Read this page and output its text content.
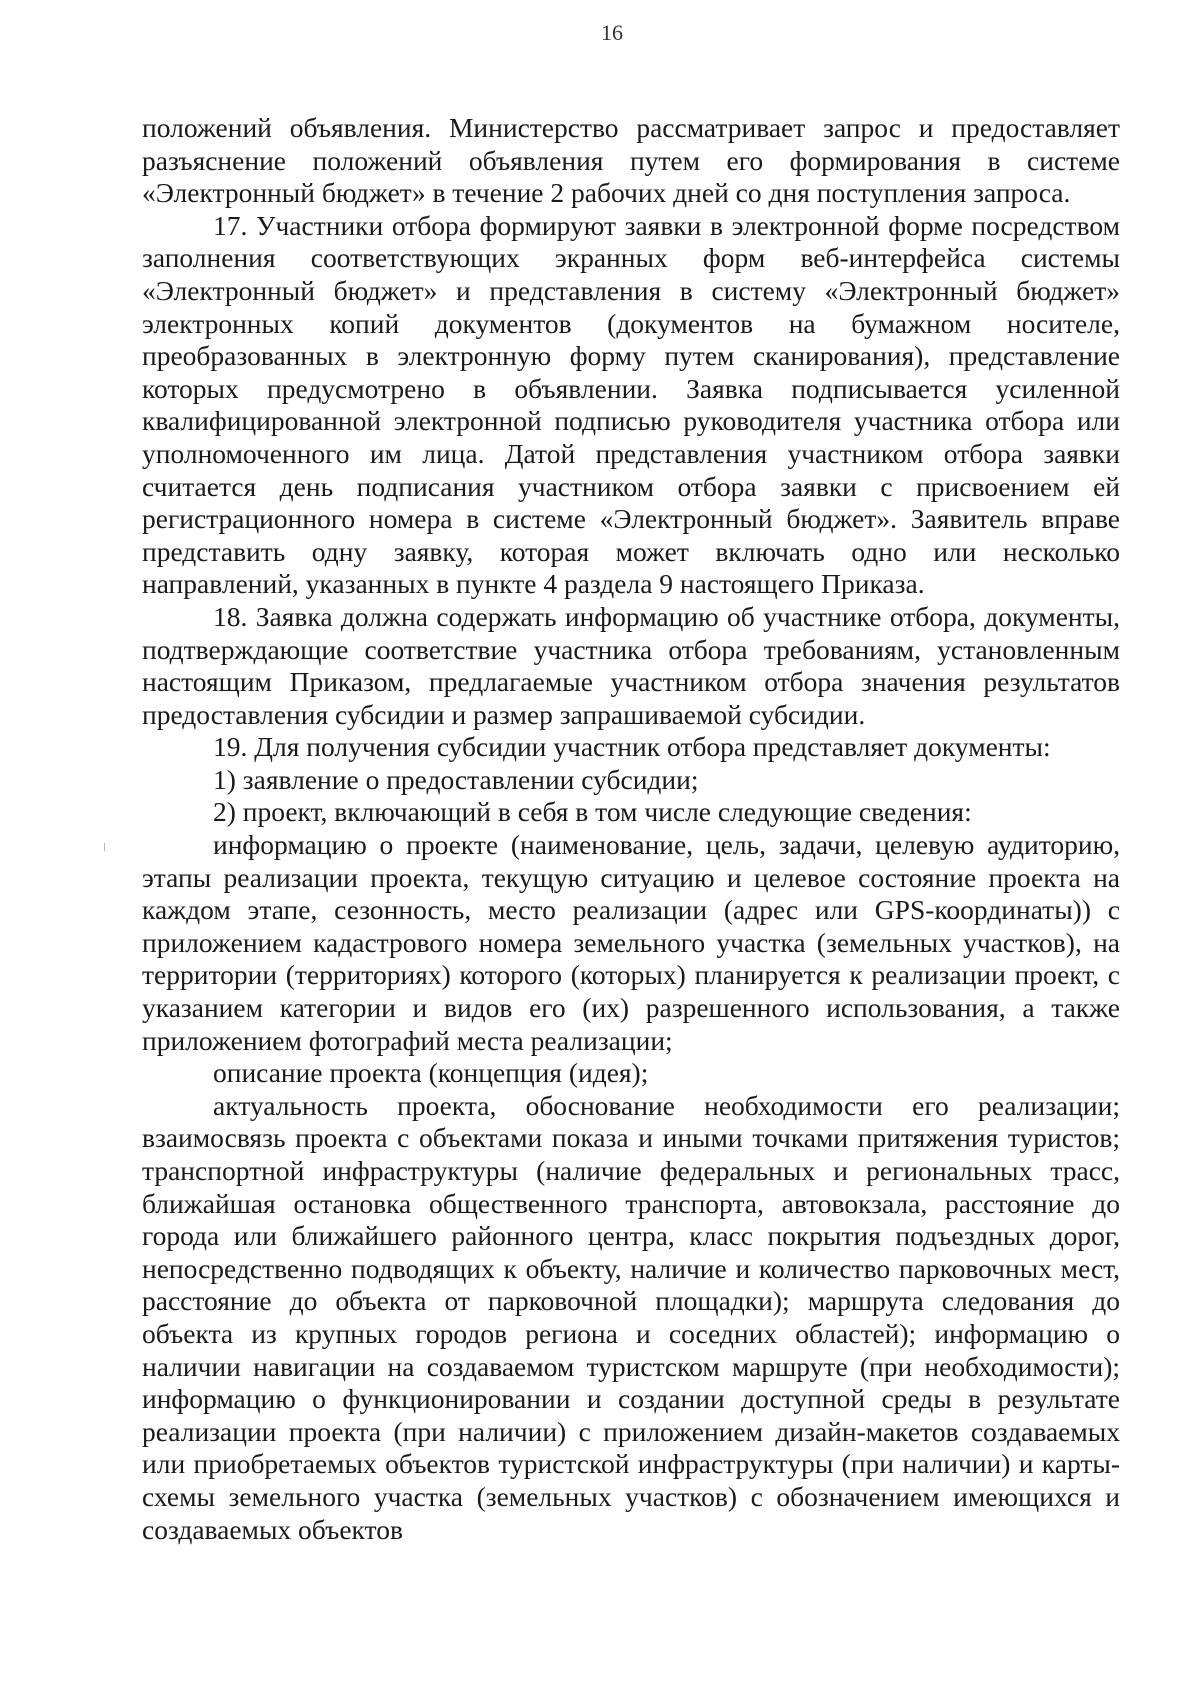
16

положений объявления. Министерство рассматривает запрос и предоставляет разъяснение положений объявления путем его формирования в системе «Электронный бюджет» в течение 2 рабочих дней со дня поступления запроса.

17. Участники отбора формируют заявки в электронной форме посредством заполнения соответствующих экранных форм веб-интерфейса системы «Электронный бюджет» и представления в систему «Электронный бюджет» электронных копий документов (документов на бумажном носителе, преобразованных в электронную форму путем сканирования), представление которых предусмотрено в объявлении. Заявка подписывается усиленной квалифицированной электронной подписью руководителя участника отбора или уполномоченного им лица. Датой представления участником отбора заявки считается день подписания участником отбора заявки с присвоением ей регистрационного номера в системе «Электронный бюджет». Заявитель вправе представить одну заявку, которая может включать одно или несколько направлений, указанных в пункте 4 раздела 9 настоящего Приказа.

18. Заявка должна содержать информацию об участнике отбора, документы, подтверждающие соответствие участника отбора требованиям, установленным настоящим Приказом, предлагаемые участником отбора значения результатов предоставления субсидии и размер запрашиваемой субсидии.

19. Для получения субсидии участник отбора представляет документы:

1) заявление о предоставлении субсидии;

2) проект, включающий в себя в том числе следующие сведения:

информацию о проекте (наименование, цель, задачи, целевую аудиторию, этапы реализации проекта, текущую ситуацию и целевое состояние проекта на каждом этапе, сезонность, место реализации (адрес или GPS-координаты)) с приложением кадастрового номера земельного участка (земельных участков), на территории (территориях) которого (которых) планируется к реализации проект, с указанием категории и видов его (их) разрешенного использования, а также приложением фотографий места реализации;

описание проекта (концепция (идея);

актуальность проекта, обоснование необходимости его реализации; взаимосвязь проекта с объектами показа и иными точками притяжения туристов; транспортной инфраструктуры (наличие федеральных и региональных трасс, ближайшая остановка общественного транспорта, автовокзала, расстояние до города или ближайшего районного центра, класс покрытия подъездных дорог, непосредственно подводящих к объекту, наличие и количество парковочных мест, расстояние до объекта от парковочной площадки); маршрута следования до объекта из крупных городов региона и соседних областей); информацию о наличии навигации на создаваемом туристском маршруте (при необходимости); информацию о функционировании и создании доступной среды в результате реализации проекта (при наличии) с приложением дизайн-макетов создаваемых или приобретаемых объектов туристской инфраструктуры (при наличии) и карты-схемы земельного участка (земельных участков) с обозначением имеющихся и создаваемых объектов
